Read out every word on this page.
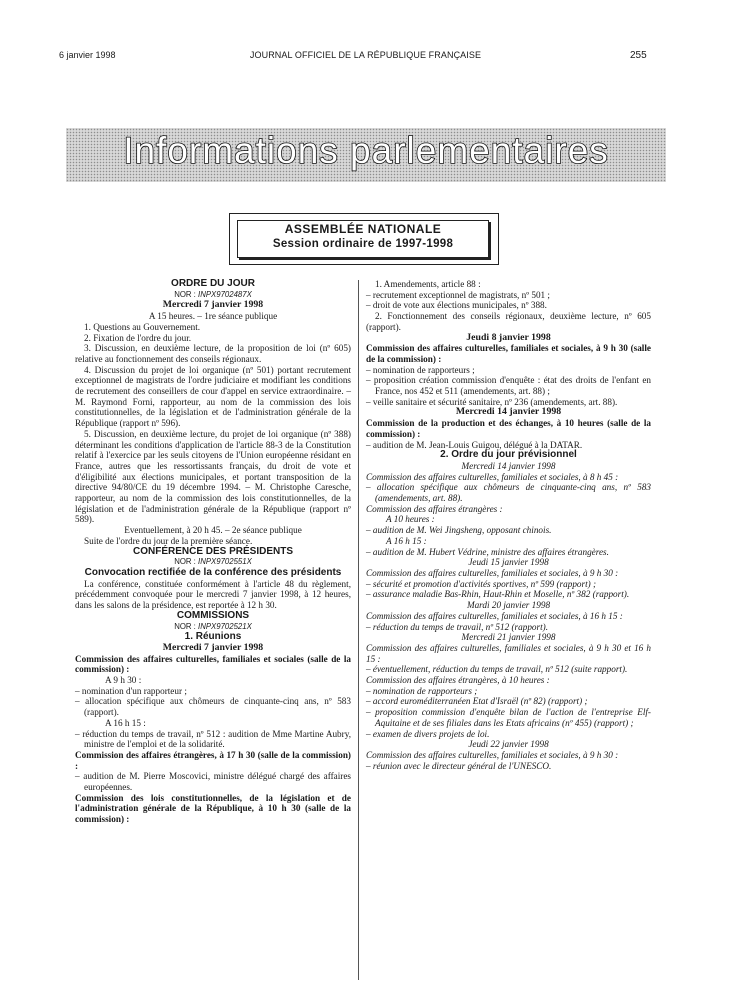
6 janvier 1998	JOURNAL OFFICIEL DE LA RÉPUBLIQUE FRANÇAISE	255
Informations parlementaires
ASSEMBLÉE NATIONALE
Session ordinaire de 1997-1998

ORDRE DU JOUR

NOR : INPX9702487X

Mercredi 7 janvier 1998

A 15 heures. – 1re séance publique

1. Questions au Gouvernement.

2. Fixation de l'ordre du jour.

3. Discussion, en deuxième lecture, de la proposition de loi (nº 605) relative au fonctionnement des conseils régionaux.

4. Discussion du projet de loi organique (nº 501) portant recrutement exceptionnel de magistrats de l'ordre judiciaire et modifiant les conditions de recrutement des conseillers de cour d'appel en service extraordinaire. – M. Raymond Forni, rapporteur, au nom de la commission des lois constitutionnelles, de la législation et de l'administration générale de la République (rapport nº 596).

5. Discussion, en deuxième lecture, du projet de loi organique (nº 388) déterminant les conditions d'application de l'article 88-3 de la Constitution relatif à l'exercice par les seuls citoyens de l'Union européenne résidant en France, autres que les ressortissants français, du droit de vote et d'éligibilité aux élections municipales, et portant transposition de la directive 94/80/CE du 19 décembre 1994. – M. Christophe Caresche, rapporteur, au nom de la commission des lois constitutionnelles, de la législation et de l'administration générale de la République (rapport nº 589).

Eventuellement, à 20 h 45. – 2e séance publique

Suite de l'ordre du jour de la première séance.

CONFÉRENCE DES PRÉSIDENTS

NOR : INPX9702551X

Convocation rectifiée de la conférence des présidents

La conférence, constituée conformément à l'article 48 du règlement, précédemment convoquée pour le mercredi 7 janvier 1998, à 12 heures, dans les salons de la présidence, est reportée à 12 h 30.

COMMISSIONS

NOR : INPX9702521X

1. Réunions

Mercredi 7 janvier 1998

Commission des affaires culturelles, familiales et sociales (salle de la commission) :

A 9 h 30 :

– nomination d'un rapporteur ;

– allocation spécifique aux chômeurs de cinquante-cinq ans, nº 583 (rapport).

A 16 h 15 :

– réduction du temps de travail, nº 512 : audition de Mme Martine Aubry, ministre de l'emploi et de la solidarité.

Commission des affaires étrangères, à 17 h 30 (salle de la commission) :

– audition de M. Pierre Moscovici, ministre délégué chargé des affaires européennes.

Commission des lois constitutionnelles, de la législation et de l'administration générale de la République, à 10 h 30 (salle de la commission) :

1. Amendements, article 88 :

– recrutement exceptionnel de magistrats, nº 501 ;

– droit de vote aux élections municipales, nº 388.

2. Fonctionnement des conseils régionaux, deuxième lecture, nº 605 (rapport).

Jeudi 8 janvier 1998

Commission des affaires culturelles, familiales et sociales, à 9 h 30 (salle de la commission) :

– nomination de rapporteurs ;

– proposition création commission d'enquête : état des droits de l'enfant en France, nos 452 et 511 (amendements, art. 88) ;

– veille sanitaire et sécurité sanitaire, nº 236 (amendements, art. 88).

Mercredi 14 janvier 1998

Commission de la production et des échanges, à 10 heures (salle de la commission) :

– audition de M. Jean-Louis Guigou, délégué à la DATAR.

2. Ordre du jour prévisionnel

Mercredi 14 janvier 1998

Commission des affaires culturelles, familiales et sociales, à 8 h 45 :

– allocation spécifique aux chômeurs de cinquante-cinq ans, nº 583 (amendements, art. 88).

Commission des affaires étrangères :

A 10 heures :

– audition de M. Wei Jingsheng, opposant chinois.

A 16 h 15 :

– audition de M. Hubert Védrine, ministre des affaires étrangères.

Jeudi 15 janvier 1998

Commission des affaires culturelles, familiales et sociales, à 9 h 30 :

– sécurité et promotion d'activités sportives, nº 599 (rapport) ;

– assurance maladie Bas-Rhin, Haut-Rhin et Moselle, nº 382 (rapport).

Mardi 20 janvier 1998

Commission des affaires culturelles, familiales et sociales, à 16 h 15 :

– réduction du temps de travail, nº 512 (rapport).

Mercredi 21 janvier 1998

Commission des affaires culturelles, familiales et sociales, à 9 h 30 et 16 h 15 :

– éventuellement, réduction du temps de travail, nº 512 (suite rapport).

Commission des affaires étrangères, à 10 heures :

– nomination de rapporteurs ;

– accord euroméditerranéen Etat d'Israël (nº 82) (rapport) ;

– proposition commission d'enquête bilan de l'action de l'entreprise Elf-Aquitaine et de ses filiales dans les Etats africains (nº 455) (rapport) ;

– examen de divers projets de loi.

Jeudi 22 janvier 1998

Commission des affaires culturelles, familiales et sociales, à 9 h 30 :

– réunion avec le directeur général de l'UNESCO.
